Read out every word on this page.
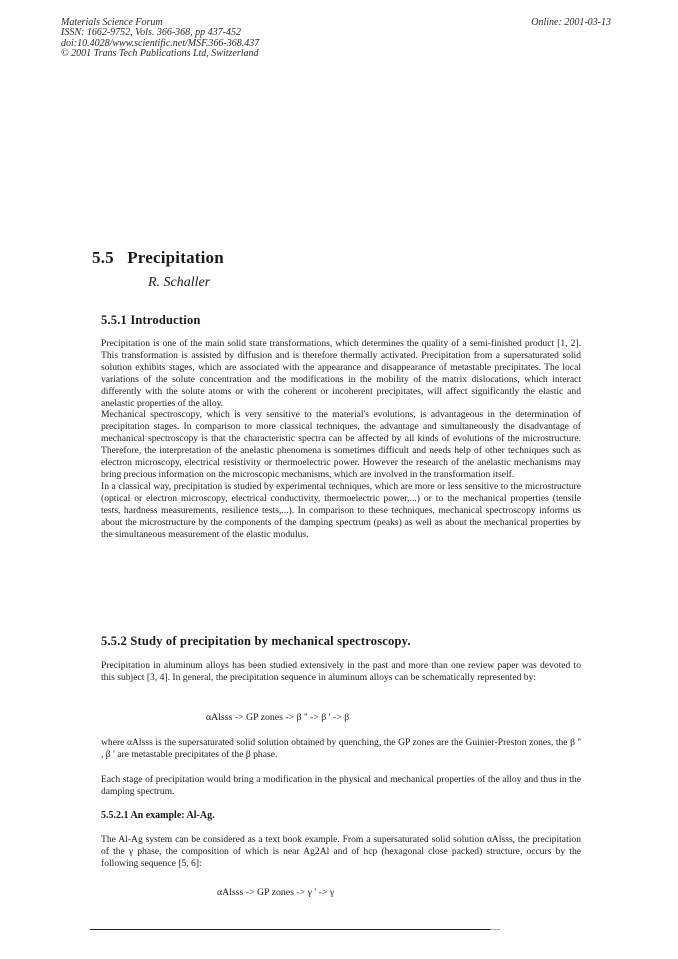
Materials Science Forum
ISSN: 1662-9752, Vols. 366-368, pp 437-452
doi:10.4028/www.scientific.net/MSF.366-368.437
© 2001 Trans Tech Publications Ltd, Switzerland
Online: 2001-03-13
5.5   Precipitation
R. Schaller
5.5.1 Introduction

Precipitation is one of the main solid state transformations, which determines the quality of a semi-finished product [1, 2]. This transformation is assisted by diffusion and is therefore thermally activated. Precipitation from a supersaturated solid solution exhibits stages, which are associated with the appearance and disappearance of metastable precipitates. The local variations of the solute concentration and the modifications in the mobility of the matrix dislocations, which interact differently with the solute atoms or with the coherent or incoherent precipitates, will affect significantly the elastic and anelastic properties of the alloy.

Mechanical spectroscopy, which is very sensitive to the material's evolutions, is advantageous in the determination of precipitation stages. In comparison to more classical techniques, the advantage and simultaneously the disadvantage of mechanical spectroscopy is that the characteristic spectra can be affected by all kinds of evolutions of the microstructure. Therefore, the interpretation of the anelastic phenomena is sometimes difficult and needs help of other techniques such as electron microscopy, electrical resistivity or thermoelectric power. However the research of the anelastic mechanisms may bring precious information on the microscopic mechanisms, which are involved in the transformation itself.

In a classical way, precipitation is studied by experimental techniques, which are more or less sensitive to the microstructure (optical or electron microscopy, electrical conductivity, thermoelectric power,...) or to the mechanical properties (tensile tests, hardness measurements, resilience tests,...). In comparison to these techniques, mechanical spectroscopy informs us about the microstructure by the components of the damping spectrum (peaks) as well as about the mechanical properties by the simultaneous measurement of the elastic modulus.

5.5.2 Study of precipitation by mechanical spectroscopy.
Precipitation in aluminum alloys has been studied extensively in the past and more than one review paper was devoted to this subject [3, 4]. In general, the precipitation sequence in aluminum alloys can be schematically represented by:
αAlsss -> GP zones -> β '' -> β ' -> β
where αAlsss is the supersaturated solid solution obtained by quenching, the GP zones are the Guinier-Preston zones, the β '' , β ' are metastable precipitates of the β phase.
Each stage of precipitation would bring a modification in the physical and mechanical properties of the alloy and thus in the damping spectrum.
5.5.2.1 An example: Al-Ag.
The Al-Ag system can be considered as a text book example. From a supersaturated solid solution αAlsss, the precipitation of the γ phase, the composition of which is near Ag2Al and of hcp (hexagonal close packed) structure, occurs by the following sequence [5, 6]:
αAlsss -> GP zones -> γ ' -> γ
